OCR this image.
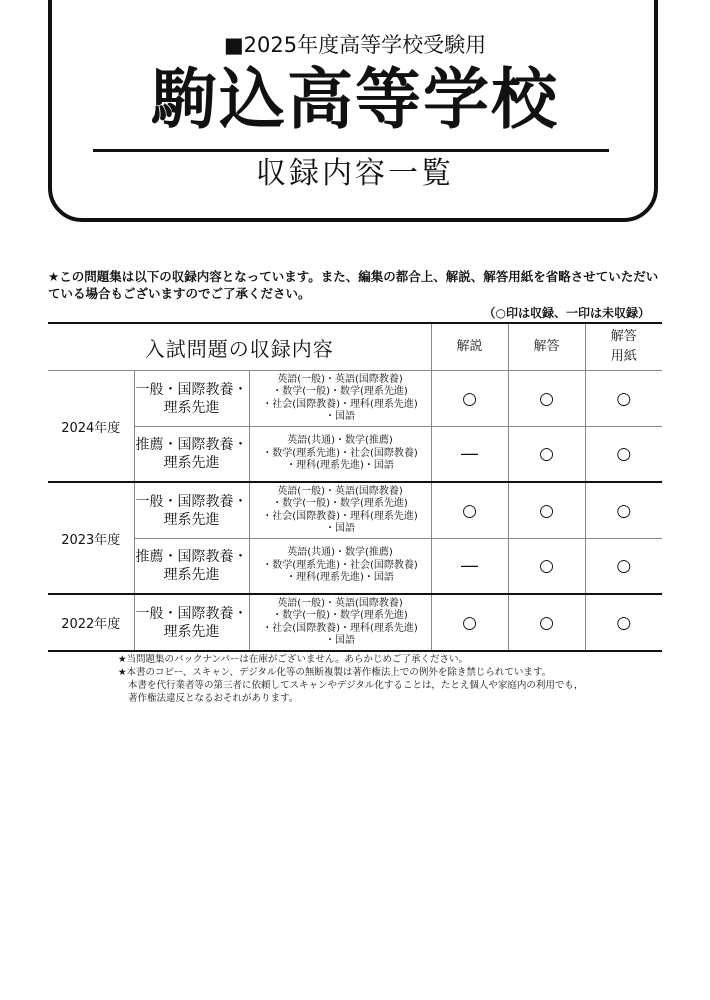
■2025年度高等学校受験用
駒込高等学校
収録内容一覧
★この問題集は以下の収録内容となっています。また、編集の都合上、解説、解答用紙を省略させていただいている場合もございますのでご了承ください。
（○印は収録、一印は未収録）
入試問題の収録内容			解説	解答	解答
用紙
2024年度	一般・国際教養・
理系先進	英語(一般)・英語(国際教養)
・数学(一般)・数学(理系先進)
・社会(国際教養)・理科(理系先進)
・国語	○	○	○
	推薦・国際教養・
理系先進	英語(共通)・数学(推薦)
・数学(理系先進)・社会(国際教養)
・理科(理系先進)・国語	―	○	○
2023年度	一般・国際教養・
理系先進	英語(一般)・英語(国際教養)
・数学(一般)・数学(理系先進)
・社会(国際教養)・理科(理系先進)
・国語	○	○	○
	推薦・国際教養・
理系先進	英語(共通)・数学(推薦)
・数学(理系先進)・社会(国際教養)
・理科(理系先進)・国語	―	○	○
2022年度	一般・国際教養・
理系先進	英語(一般)・英語(国際教養)
・数学(一般)・数学(理系先進)
・社会(国際教養)・理科(理系先進)
・国語	○	○	○
★当問題集のバックナンバーは在庫がございません。あらかじめご了承ください。
★本書のコピー、スキャン、デジタル化等の無断複製は著作権法上での例外を除き禁じられています。
本書を代行業者等の第三者に依頼してスキャンやデジタル化することは，たとえ個人や家庭内の利用でも，
著作権法違反となるおそれがあります。
